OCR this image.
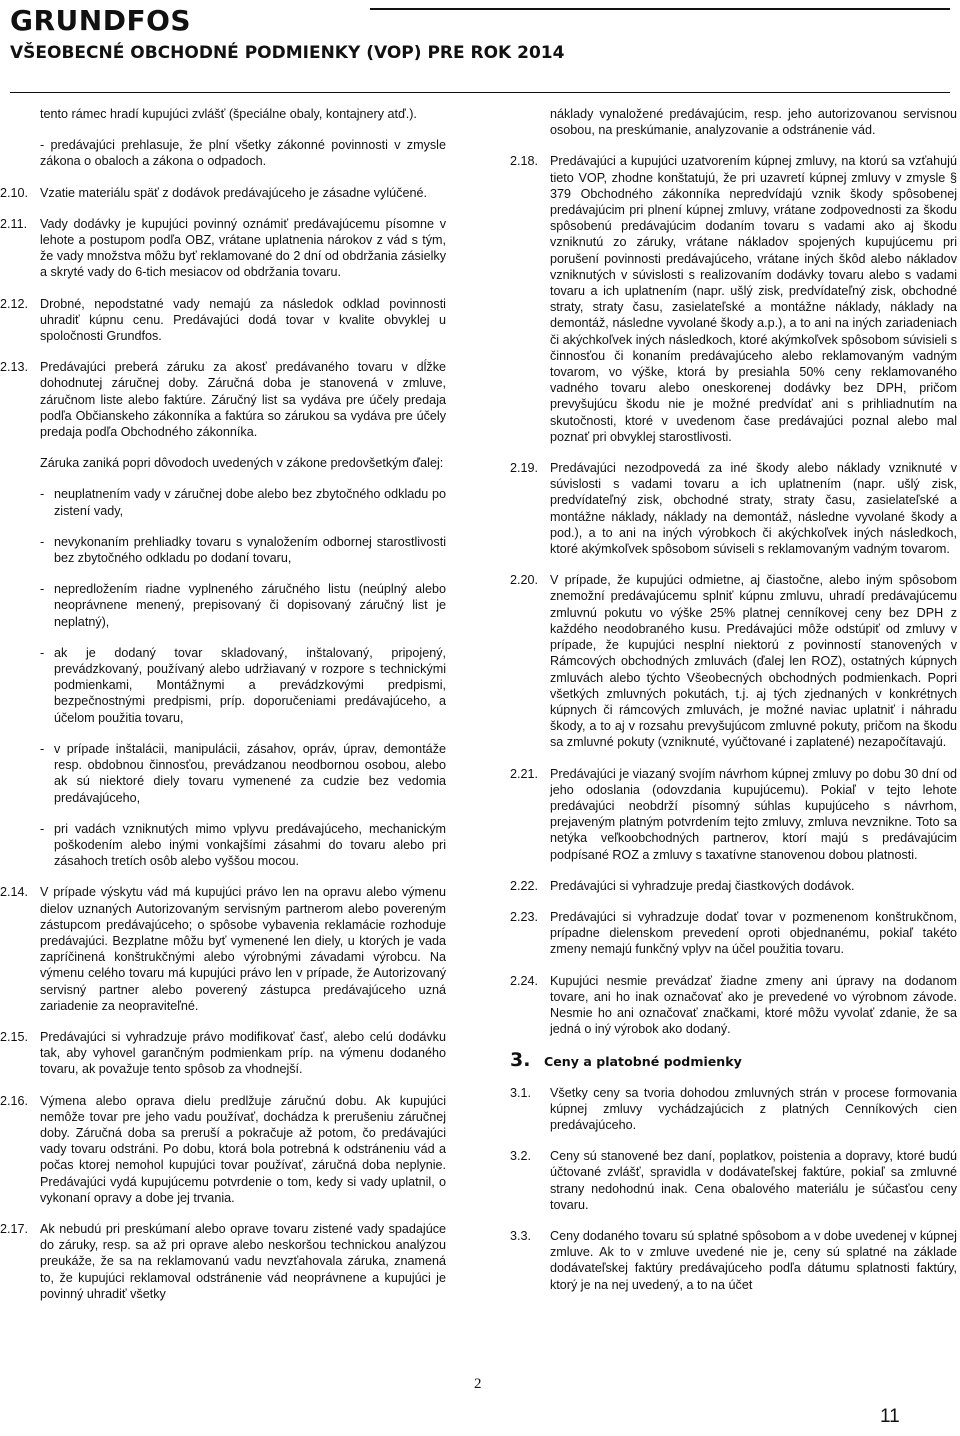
GRUNDFOS
VŠEOBECNÉ OBCHODNÉ PODMIENKY (VOP) PRE ROK 2014

tento rámec hradí kupujúci zvlášť (špeciálne obaly, kontajnery atď.).

- predávajúci prehlasuje, že plní všetky zákonné povinnosti v zmysle zákona o obaloch a zákona o odpadoch.

2.10. Vzatie materiálu späť z dodávok predávajúceho je zásadne vylúčené.
2.11.	Vady dodávky je kupujúci povinný oznámiť predávajúcemu písomne v lehote a postupom podľa OBZ, vrátane uplatnenia nárokov z vád s tým, že vady množstva môžu byť reklamované do 2 dní od obdržania zásielky a skryté vady do 6-tich mesiacov od obdržania tovaru.
2.12. Drobné, nepodstatné vady nemajú za následok odklad povinnosti uhradiť kúpnu cenu. Predávajúci dodá tovar v kvalite obvyklej u spoločnosti Grundfos.
2.13. Predávajúci preberá záruku za akosť predávaného tovaru v dĺžke dohodnutej záručnej doby. Záručná doba je stanovená v zmluve, záručnom liste alebo faktúre. Záručný list sa vydáva pre účely predaja podľa Občianskeho zákonníka a faktúra so zárukou sa vydáva pre účely predaja podľa Obchodného zákonníka.

Záruka zaniká popri dôvodoch uvedených v zákone predovšetkým ďalej:

- neuplatnením vady v záručnej dobe alebo bez zbytočného odkladu po zistení vady,
- nevykonaním prehliadky tovaru s vynaložením odbornej starostlivosti bez zbytočného odkladu po dodaní tovaru,
- nepredložením riadne vyplneného záručného listu (neúplný alebo neoprávnene menený, prepisovaný či dopisovaný záručný list je neplatný),
- ak je dodaný tovar skladovaný, inštalovaný, pripojený, prevádzkovaný, používaný alebo udržiavaný v rozpore s technickými podmienkami, Montážnymi a prevádzkovými predpismi, bezpečnostnými predpismi, príp. doporučeniami predávajúceho, a účelom použitia tovaru,
- v prípade inštalácii, manipulácii, zásahov, opráv, úprav, demontáže resp. obdobnou činnosťou, prevádzanou neodbornou osobou, alebo ak sú niektoré diely tovaru vymenené za cudzie bez vedomia predávajúceho,
- pri vadách vzniknutých mimo vplyvu predávajúceho, mechanickým poškodením alebo inými vonkajšími zásahmi do tovaru alebo pri zásahoch tretích osôb alebo vyššou mocou.
2.14. V prípade výskytu vád má kupujúci právo len na opravu alebo výmenu dielov uznaných Autorizovaným servisným partnerom alebo povereným zástupcom predávajúceho; o spôsobe vybavenia reklamácie rozhoduje predávajúci. Bezplatne môžu byť vymenené len diely, u ktorých je vada zapríčinená konštrukčnými alebo výrobnými závadami výrobcu. Na výmenu celého tovaru má kupujúci právo len v prípade, že Autorizovaný servisný partner alebo poverený zástupca predávajúceho uzná zariadenie za neopraviteľné.
2.15. Predávajúci si vyhradzuje právo modifikovať časť, alebo celú dodávku tak, aby vyhovel garančným podmienkam príp. na výmenu dodaného tovaru, ak považuje tento spôsob za vhodnejší.
2.16. Výmena alebo oprava dielu predlžuje záručnú dobu. Ak kupujúci nemôže tovar pre jeho vadu používať, dochádza k prerušeniu záručnej doby. Záručná doba sa preruší a pokračuje až potom, čo predávajúci vady tovaru odstráni. Po dobu, ktorá bola potrebná k odstráneniu vád a počas ktorej nemohol kupujúci tovar používať, záručná doba neplynie. Predávajúci vydá kupujúcemu potvrdenie o tom, kedy si vady uplatnil, o vykonaní opravy a dobe jej trvania.
2.17. Ak nebudú pri preskúmaní alebo oprave tovaru zistené vady spadajúce do záruky, resp. sa až pri oprave alebo neskoršou technickou analýzou preukáže, že sa na reklamovanú vadu nevzťahovala záruka, znamená to, že kupujúci reklamoval odstránenie vád neoprávnene a kupujúci je povinný uhradiť všetky
náklady vynaložené predávajúcim, resp. jeho autorizovanou servisnou osobou, na preskúmanie, analyzovanie a odstránenie vád.
2.18. Predávajúci a kupujúci uzatvorením kúpnej zmluvy, na ktorú sa vzťahujú tieto VOP, zhodne konštatujú, že pri uzavretí kúpnej zmluvy v zmysle § 379 Obchodného zákonníka nepredvídajú vznik škody spôsobenej predávajúcim pri plnení kúpnej zmluvy, vrátane zodpovednosti za škodu spôsobenú predávajúcim dodaním tovaru s vadami ako aj škodu vzniknutú zo záruky, vrátane nákladov spojených kupujúcemu pri porušení povinnosti predávajúceho, vrátane iných škôd alebo nákladov vzniknutých v súvislosti s realizovaním dodávky tovaru alebo s vadami tovaru a ich uplatnením (napr. ušlý zisk, predvídateľný zisk, obchodné straty, straty času, zasielateľské a montážne náklady, náklady na demontáž, následne vyvolané škody a.p.), a to ani na iných zariadeniach či akýchkoľvek iných následkoch, ktoré akýmkoľvek spôsobom súvisieli s činnosťou či konaním predávajúceho alebo reklamovaným vadným tovarom, vo výške, ktorá by presiahla 50% ceny reklamovaného vadného tovaru alebo oneskorenej dodávky bez DPH, pričom prevyšujúcu škodu nie je možné predvídať ani s prihliadnutím na skutočnosti, ktoré v uvedenom čase predávajúci poznal alebo mal poznať pri obvyklej starostlivosti.
2.19. Predávajúci nezodpovedá za iné škody alebo náklady vzniknuté v súvislosti s vadami tovaru a ich uplatnením (napr. ušlý zisk, predvídateľný zisk, obchodné straty, straty času, zasielateľské a montážne náklady, náklady na demontáž, následne vyvolané škody a pod.), a to ani na iných výrobkoch či akýchkoľvek iných následkoch, ktoré akýmkoľvek spôsobom súviseli s reklamovaným vadným tovarom.
2.20. V prípade, že kupujúci odmietne, aj čiastočne, alebo iným spôsobom znemožní predávajúcemu splniť kúpnu zmluvu, uhradí predávajúcemu zmluvnú pokutu vo výške 25% platnej cenníkovej ceny bez DPH z každého neodobraného kusu. Predávajúci môže odstúpiť od zmluvy v prípade, že kupujúci nesplní niektorú z povinností stanovených v Rámcových obchodných zmluvách (ďalej len ROZ), ostatných kúpnych zmluvách alebo týchto Všeobecných obchodných podmienkach. Popri všetkých zmluvných pokutách, t.j. aj tých zjednaných v konkrétnych kúpnych či rámcových zmluvách, je možné naviac uplatniť i náhradu škody, a to aj v rozsahu prevyšujúcom zmluvné pokuty, pričom na škodu sa zmluvné pokuty (vzniknuté, vyúčtované i zaplatené) nezapočítavajú.
2.21. Predávajúci je viazaný svojím návrhom kúpnej zmluvy po dobu 30 dní od jeho odoslania (odovzdania kupujúcemu). Pokiaľ v tejto lehote predávajúci neobdrží písomný súhlas kupujúceho s návrhom, prejaveným platným potvrdením tejto zmluvy, zmluva nevznikne. Toto sa netýka veľkoobchodných partnerov, ktorí majú s predávajúcim podpísané ROZ a zmluvy s taxatívne stanovenou dobou platnosti.
2.22. Predávajúci si vyhradzuje predaj čiastkových dodávok.
2.23. Predávajúci si vyhradzuje dodať tovar v pozmenenom konštrukčnom, prípadne dielenskom prevedení oproti objednanému, pokiaľ takéto zmeny nemajú funkčný vplyv na účel použitia tovaru.
2.24. Kupujúci nesmie prevádzať žiadne zmeny ani úpravy na dodanom tovare, ani ho inak označovať ako je prevedené vo výrobnom závode. Nesmie ho ani označovať značkami, ktoré môžu vyvolať zdanie, že sa jedná o iný výrobok ako dodaný.
3.	Ceny a platobné podmienky
3.1.	Všetky ceny sa tvoria dohodou zmluvných strán v procese formovania kúpnej zmluvy vychádzajúcich z platných Cenníkových cien predávajúceho.
3.2.	Ceny sú stanovené bez daní, poplatkov, poistenia a dopravy, ktoré budú účtované zvlášť, spravidla v dodávateľskej faktúre, pokiaľ sa zmluvné strany nedohodnú inak. Cena obalového materiálu je súčasťou ceny tovaru.
3.3.	Ceny dodaného tovaru sú splatné spôsobom a v dobe uvedenej v kúpnej zmluve. Ak to v zmluve uvedené nie je, ceny sú splatné na základe dodávateľskej faktúry predávajúceho podľa dátumu splatnosti faktúry, ktorý je na nej uvedený, a to na účet
2
11
